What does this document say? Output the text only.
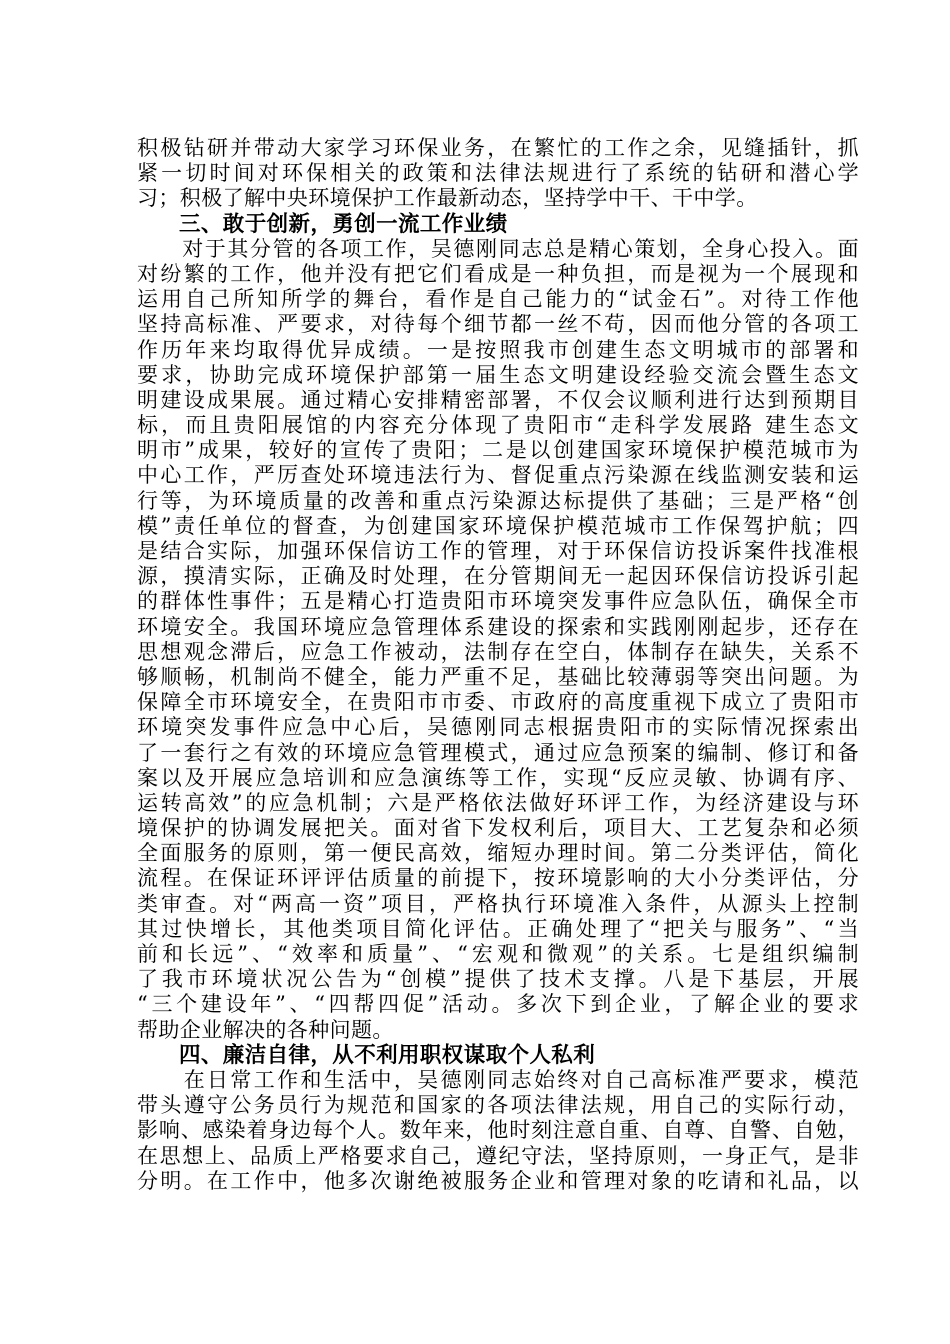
积极钻研并带动大家学习环保业务，在繁忙的工作之余，见缝插针，抓
紧一切时间对环保相关的政策和法律法规进行了系统的钻研和潜心学
习；积极了解中央环境保护工作最新动态，坚持学中干、干中学。
三、敢于创新，勇创一流工作业绩
　　对于其分管的各项工作，吴德刚同志总是精心策划，全身心投入。面
对纷繁的工作，他并没有把它们看成是一种负担，而是视为一个展现和
运用自己所知所学的舞台，看作是自己能力的“试金石”。对待工作他
坚持高标准、严要求，对待每个细节都一丝不苟，因而他分管的各项工
作历年来均取得优异成绩。一是按照我市创建生态文明城市的部署和
要求，协助完成环境保护部第一届生态文明建设经验交流会暨生态文
明建设成果展。通过精心安排精密部署，不仅会议顺利进行达到预期目
标，而且贵阳展馆的内容充分体现了贵阳市“走科学发展路 建生态文
明市”成果，较好的宣传了贵阳；二是以创建国家环境保护模范城市为
中心工作，严厉查处环境违法行为、督促重点污染源在线监测安装和运
行等，为环境质量的改善和重点污染源达标提供了基础；三是严格“创
模”责任单位的督查，为创建国家环境保护模范城市工作保驾护航；四
是结合实际，加强环保信访工作的管理，对于环保信访投诉案件找准根
源，摸清实际，正确及时处理，在分管期间无一起因环保信访投诉引起
的群体性事件；五是精心打造贵阳市环境突发事件应急队伍，确保全市
环境安全。我国环境应急管理体系建设的探索和实践刚刚起步，还存在
思想观念滞后，应急工作被动，法制存在空白，体制存在缺失，关系不
够顺畅，机制尚不健全，能力严重不足，基础比较薄弱等突出问题。为
保障全市环境安全，在贵阳市市委、市政府的高度重视下成立了贵阳市
环境突发事件应急中心后，吴德刚同志根据贵阳市的实际情况探索出
了一套行之有效的环境应急管理模式，通过应急预案的编制、修订和备
案以及开展应急培训和应急演练等工作，实现“反应灵敏、协调有序、
运转高效”的应急机制；六是严格依法做好环评工作，为经济建设与环
境保护的协调发展把关。面对省下发权利后，项目大、工艺复杂和必须
全面服务的原则，第一便民高效，缩短办理时间。第二分类评估，简化
流程。在保证环评评估质量的前提下，按环境影响的大小分类评估，分
类审查。对“两高一资”项目，严格执行环境准入条件，从源头上控制
其过快增长，其他类项目简化评估。正确处理了“把关与服务”、“当
前和长远”、“效率和质量”、“宏观和微观”的关系。七是组织编制
了我市环境状况公告为“创模”提供了技术支撑。八是下基层，开展
“三个建设年”、“四帮四促”活动。多次下到企业，了解企业的要求
帮助企业解决的各种问题。
四、廉洁自律，从不利用职权谋取个人私利
　　在日常工作和生活中，吴德刚同志始终对自己高标准严要求，模范
带头遵守公务员行为规范和国家的各项法律法规，用自己的实际行动，
影响、感染着身边每个人。数年来，他时刻注意自重、自尊、自警、自勉，
在思想上、品质上严格要求自己，遵纪守法，坚持原则，一身正气，是非
分明。在工作中，他多次谢绝被服务企业和管理对象的吃请和礼品，以
